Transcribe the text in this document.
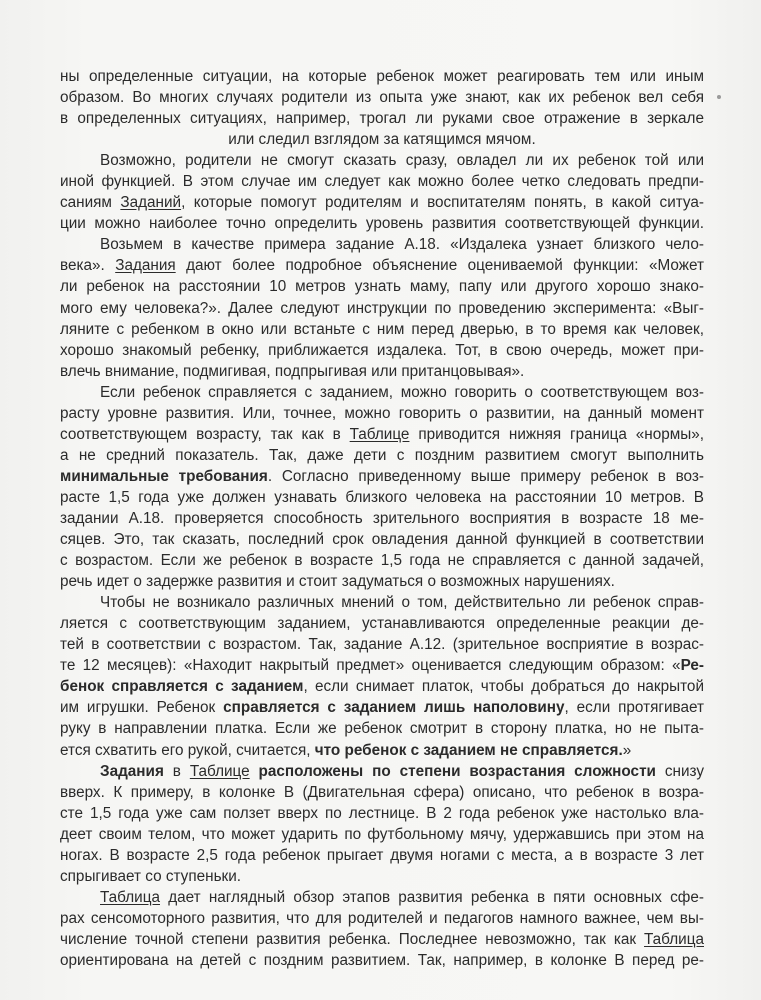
ны определенные ситуации, на которые ребенок может реагировать тем или иным
образом. Во многих случаях родители из опыта уже знают, как их ребенок вел себя
в определенных ситуациях, например, трогал ли руками свое отражение в зеркале
или следил взглядом за катящимся мячом.
Возможно, родители не смогут сказать сразу, овладел ли их ребенок той или
иной функцией. В этом случае им следует как можно более четко следовать предпи-
саниям Заданий, которые помогут родителям и воспитателям понять, в какой ситуа-
ции можно наиболее точно определить уровень развития соответствующей функции.
Возьмем в качестве примера задание А.18. «Издалека узнает близкого чело-
века». Задания дают более подробное объяснение оцениваемой функции: «Может
ли ребенок на расстоянии 10 метров узнать маму, папу или другого хорошо знако-
мого ему человека?». Далее следуют инструкции по проведению эксперимента: «Выг-
ляните с ребенком в окно или встаньте с ним перед дверью, в то время как человек,
хорошо знакомый ребенку, приближается издалека. Тот, в свою очередь, может при-
влечь внимание, подмигивая, подпрыгивая или пританцовывая».
Если ребенок справляется с заданием, можно говорить о соответствующем воз-
расту уровне развития. Или, точнее, можно говорить о развитии, на данный момент
соответствующем возрасту, так как в Таблице приводится нижняя граница «нормы»,
а не средний показатель. Так, даже дети с поздним развитием смогут выполнить
минимальные требования. Согласно приведенному выше примеру ребенок в воз-
расте 1,5 года уже должен узнавать близкого человека на расстоянии 10 метров. В
задании А.18. проверяется способность зрительного восприятия в возрасте 18 ме-
сяцев. Это, так сказать, последний срок овладения данной функцией в соответствии
с возрастом. Если же ребенок в возрасте 1,5 года не справляется с данной задачей,
речь идет о задержке развития и стоит задуматься о возможных нарушениях.
Чтобы не возникало различных мнений о том, действительно ли ребенок справ-
ляется с соответствующим заданием, устанавливаются определенные реакции де-
тей в соответствии с возрастом. Так, задание А.12. (зрительное восприятие в возрас-
те 12 месяцев): «Находит накрытый предмет» оценивается следующим образом: «Ре-
бенок справляется с заданием, если снимает платок, чтобы добраться до накрытой
им игрушки. Ребенок справляется с заданием лишь наполовину, если протягивает
руку в направлении платка. Если же ребенок смотрит в сторону платка, но не пыта-
ется схватить его рукой, считается, что ребенок с заданием не справляется.»
Задания в Таблице расположены по степени возрастания сложности снизу
вверх. К примеру, в колонке В (Двигательная сфера) описано, что ребенок в возра-
сте 1,5 года уже сам ползет вверх по лестнице. В 2 года ребенок уже настолько вла-
деет своим телом, что может ударить по футбольному мячу, удержавшись при этом на
ногах. В возрасте 2,5 года ребенок прыгает двумя ногами с места, а в возрасте 3 лет
спрыгивает со ступеньки.
Таблица дает наглядный обзор этапов развития ребенка в пяти основных сфе-
рах сенсомоторного развития, что для родителей и педагогов намного важнее, чем вы-
числение точной степени развития ребенка. Последнее невозможно, так как Таблица
ориентирована на детей с поздним развитием. Так, например, в колонке В перед ре-
